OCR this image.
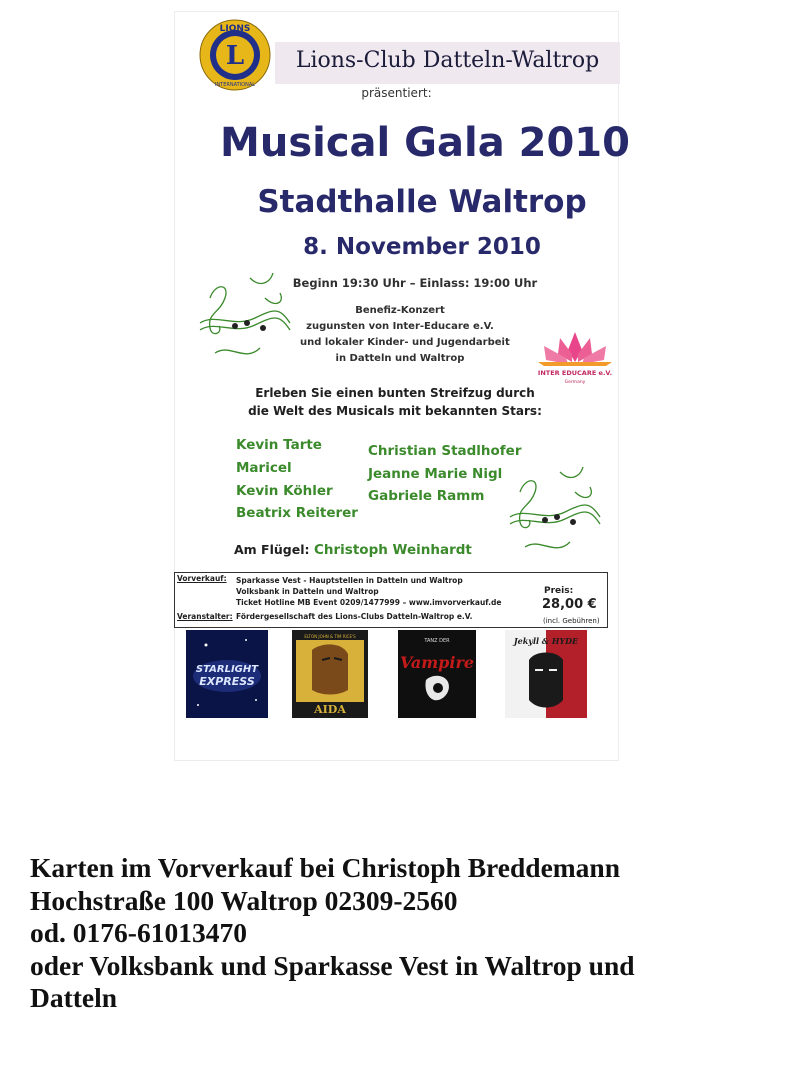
L
LIONS
INTERNATIONAL
Lions-Club Datteln-Waltrop
präsentiert:
Musical Gala 2010
Stadthalle Waltrop
8. November 2010
Beginn 19:30 Uhr – Einlass: 19:00 Uhr
Benefiz-Konzert
zugunsten von Inter-Educare e.V.
und lokaler Kinder- und Jugendarbeit
in Datteln und Waltrop
INTER EDUCARE e.V.
Germany
Erleben Sie einen bunten Streifzug durch
die Welt des Musicals mit bekannten Stars:
Kevin Tarte
Maricel
Kevin Köhler
Beatrix Reiterer
Christian Stadlhofer
Jeanne Marie Nigl
Gabriele Ramm
Am Flügel: Christoph Weinhardt
Vorverkauf: Sparkasse Vest - Hauptstellen in Datteln und Waltrop
Volksbank in Datteln und Waltrop
Ticket Hotline MB Event 0209/1477999 – www.imvorverkauf.de
Veranstalter: Fördergesellschaft des Lions-Clubs Datteln-Waltrop e.V.
Preis:
28,00 €
(incl. Gebühren)
STARLIGHT
EXPRESS
ELTON JOHN & TIM RICE'S
AIDA
TANZ DER
Vampire
Jekyll & HYDE
Karten im Vorverkauf bei Christoph Breddemann
Hochstraße 100 Waltrop 02309-2560
od. 0176-61013470
oder Volksbank und Sparkasse Vest in Waltrop und
Datteln
